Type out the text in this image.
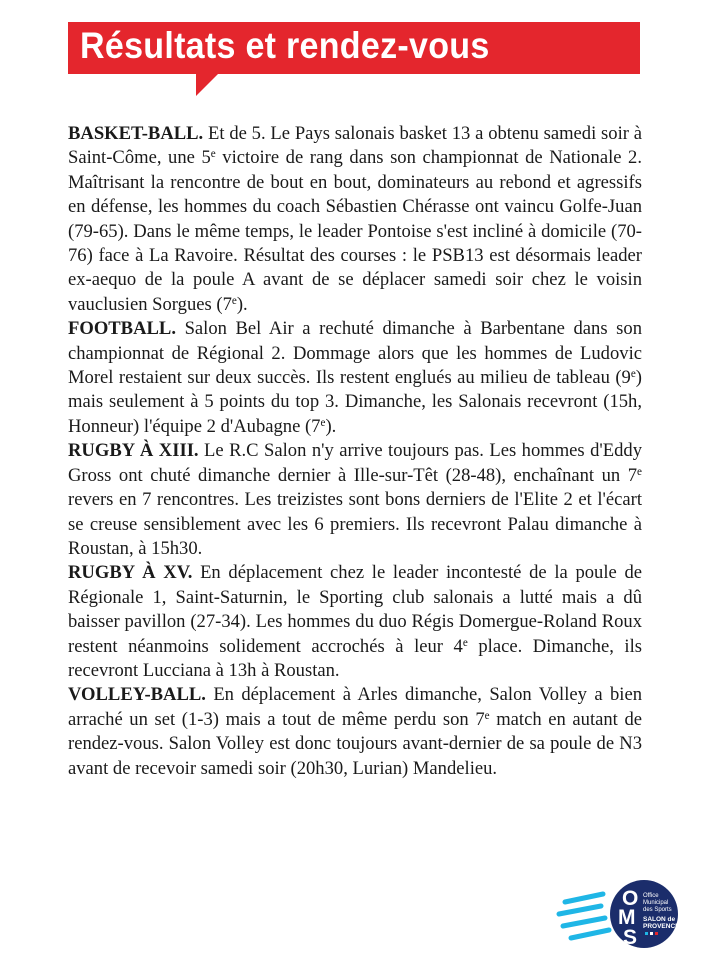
Résultats et rendez-vous

BASKET-BALL. Et de 5. Le Pays salonais basket 13 a obtenu samedi soir à Saint-Côme, une 5e victoire de rang dans son championnat de Nationale 2. Maîtrisant la rencontre de bout en bout, dominateurs au rebond et agressifs en défense, les hommes du coach Sébastien Chérasse ont vaincu Golfe-Juan (79-65). Dans le même temps, le leader Pontoise s'est incliné à domicile (70-76) face à La Ravoire. Résultat des courses : le PSB13 est désormais leader ex-aequo de la poule A avant de se déplacer samedi soir chez le voisin vauclusien Sorgues (7e).

FOOTBALL. Salon Bel Air a rechuté dimanche à Barbentane dans son championnat de Régional 2. Dommage alors que les hommes de Ludovic Morel restaient sur deux succès. Ils restent englués au milieu de tableau (9e) mais seulement à 5 points du top 3. Dimanche, les Salonais recevront (15h, Honneur) l'équipe 2 d'Aubagne (7e).

RUGBY À XIII. Le R.C Salon n'y arrive toujours pas. Les hommes d'Eddy Gross ont chuté dimanche dernier à Ille-sur-Têt (28-48), enchaînant un 7e revers en 7 rencontres. Les treizistes sont bons derniers de l'Elite 2 et l'écart se creuse sensiblement avec les 6 premiers. Ils recevront Palau dimanche à Roustan, à 15h30.

RUGBY À XV. En déplacement chez le leader incontesté de la poule de Régionale 1, Saint-Saturnin, le Sporting club salonais a lutté mais a dû baisser pavillon (27-34). Les hommes du duo Régis Domergue-Roland Roux restent néanmoins solidement accrochés à leur 4e place. Dimanche, ils recevront Lucciana à 13h à Roustan.

VOLLEY-BALL. En déplacement à Arles dimanche, Salon Volley a bien arraché un set (1-3) mais a tout de même perdu son 7e match en autant de rendez-vous. Salon Volley est donc toujours avant-dernier de sa poule de N3 avant de recevoir samedi soir (20h30, Lurian) Mandelieu.

O
M
S
Office
Municipal
des Sports
SALON de
PROVENCE
